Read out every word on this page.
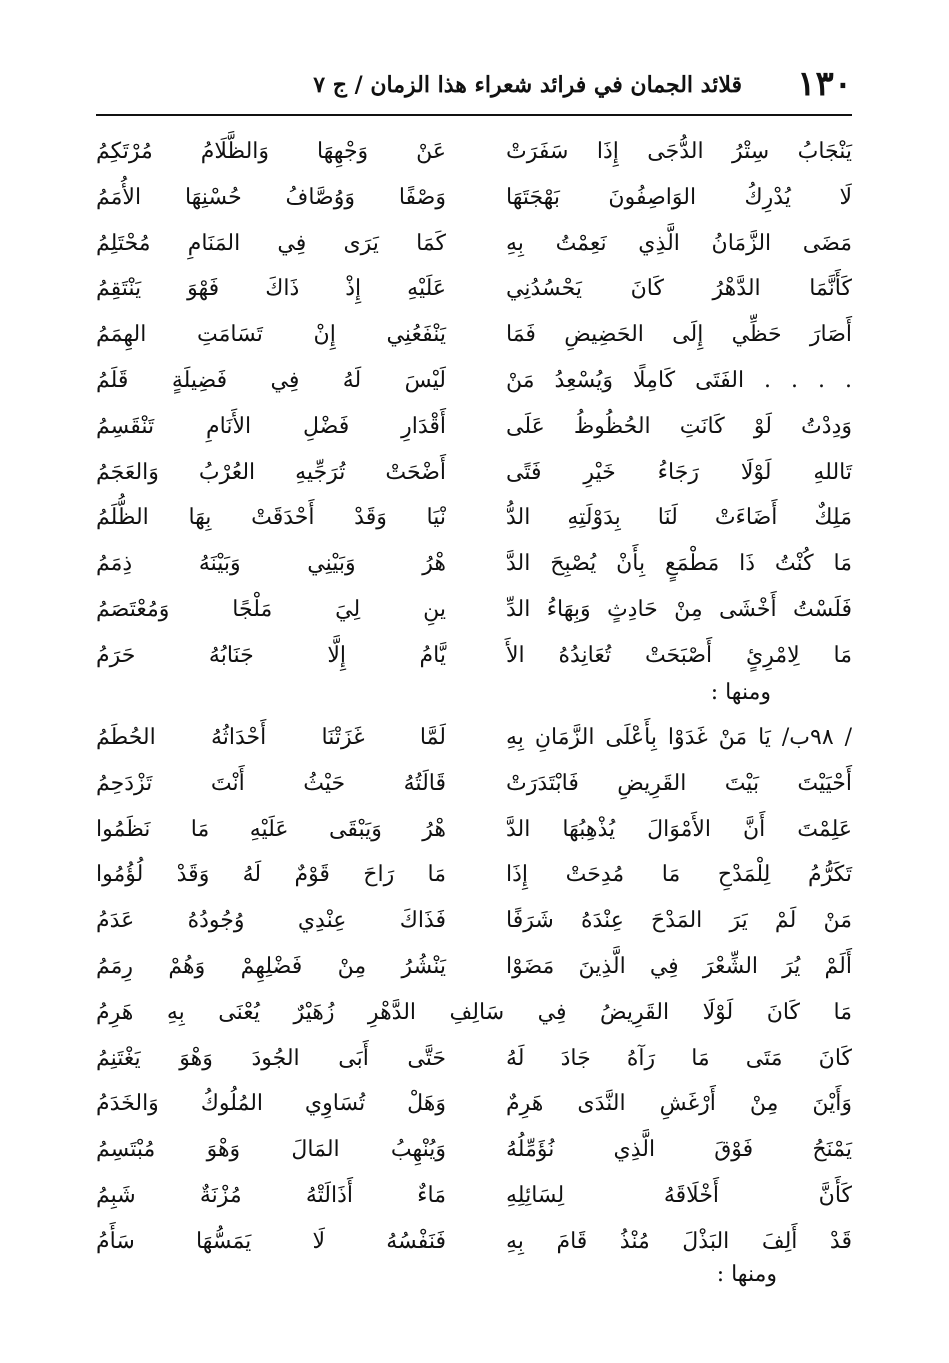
١٣٠
قلائد الجمان في فرائد شعراء هذا الزمان / ج ٧
يَنْجَابُ سِتْرُ الدُّجَى إِذَا سَفَرَتْ
عَنْ وَجْهِهَا وَالظَّلَامُ مُرْتَكِمُ
لَا يُدْرِكُ الوَاصِفُونَ بَهْجَتَهَا
وَصْفًا وَوُصَّافُ حُسْنِهَا الأُمَمُ
مَضَى الزَّمَانُ الَّذِي نَعِمْتُ بِهِ
كَمَا يَرَى فِي المَنَامِ مُحْتَلِمُ
كَأَنَّمَا الدَّهْرُ كَانَ يَحْسُدُنِي
عَلَيْهِ إِذْ ذَاكَ فَهْوَ يَنْتَقِمُ
أَصَارَ حَظِّي إِلَى الحَضِيضِ فَمَا
يَنْفَعُنِي إِنْ تَسَامَتِ الهِمَمُ
. . . . الفَتَى كَامِلًا وَيُسْعِدُ مَنْ
لَيْسَ لَهُ فِي فَضِيلَةٍ قَلَمُ
وَدِدْتُ لَوْ كَانَتِ الحُظُوظُ عَلَى
أَقْدَارِ فَضْلِ الأَنَامِ تَنْقَسِمُ
تَاللهِ لَوْلَا رَجَاءُ خَيْرِ فَتًى
أَضْحَتْ تُرَجِّيهِ العُرْبُ وَالعَجَمُ
مَلِكٌ أَضَاءَتْ لَنَا بِدَوْلَتِهِ الدُّ
نْيَا وَقَدْ أَحْدَقَتْ بِهَا الظُّلَمُ
مَا كُنْتُ ذَا مَطْمَعٍ بِأَنْ يُصْبِحَ الدَّ
هْرُ وَبَيْنِي وَبَيْنَهُ ذِمَمُ
فَلَسْتُ أَخْشَى مِنْ حَادِثٍ وَبِهَاءُ الدِّ
ينِ لِيَ مَلْجًا وَمُعْتَصَمُ
مَا لِامْرِئٍ أَصْبَحَتْ تُعَانِدُهُ الأَ
يَّامُ إِلَّا جَنَابُهُ حَرَمُ
ومنها :
/ ٩٨ب/ يَا مَنْ غَدَوْا بِأَعْلَى الزَّمَانِ بِهِ
لَمَّا غَزَتْنَا أَحْدَاثُهُ الحُطَمُ
أَحْيَيْتَ بَيْتَ القَرِيضِ فَابْتَدَرَتْ
قَالَتُهُ حَيْثُ أَنْتَ تَزْدَحِمُ
عَلِمْتَ أَنَّ الأَمْوَالَ يُذْهِبُهَا الدَّ
هْرُ وَيَبْقَى عَلَيْهِ مَا نَظَمُوا
تَكَرُّمُ لِلْمَدْحِ مَا مُدِحَتْ إِذَا
مَا رَاحَ قَوْمٌ لَهُ وَقَدْ لُؤُمُوا
مَنْ لَمْ يَرَ المَدْحَ عِنْدَهُ شَرَفًا
فَذَاكَ عِنْدِي وُجُودُهُ عَدَمُ
أَلَمْ يُرَ الشِّعْرَ فِي الَّذِينَ مَضَوْا
يَنْشُرُ مِنْ فَضْلِهِمْ وَهُمْ رِمَمُ
مَا كَانَ لَوْلَا القَرِيضُ فِي سَالِفِ الدَّهْرِ زُهَيْرٌ يُعْنَى بِهِ هَرِمُ
كَانَ مَتَى مَا رَآهُ جَادَ لَهُ
حَتَّى أَبَى الجُودَ وَهْوَ يَغْتَنِمُ
وَأَيْنَ مِنْ أَرْغَشِ النَّدَى هَرِمٌ
وَهَلْ تُسَاوِي المُلُوكُ وَالخَدَمُ
يَمْنَحُ فَوْقَ الَّذِي نُؤَمِّلُهُ
وَيُنْهِبُ المَالَ وَهْوَ مُبْتَسِمُ
كَأَنَّ أَخْلَاقَهُ لِسَائِلِهِ
مَاءٌ أَذَالَتْهُ مُزْنَةٌ شَبِمُ
قَدْ أَلِفَ البَذْلَ مُنْذُ قَامَ بِهِ
فَنَفْسُهُ لَا يَمَسُّهَا سَأَمُ
ومنها :
